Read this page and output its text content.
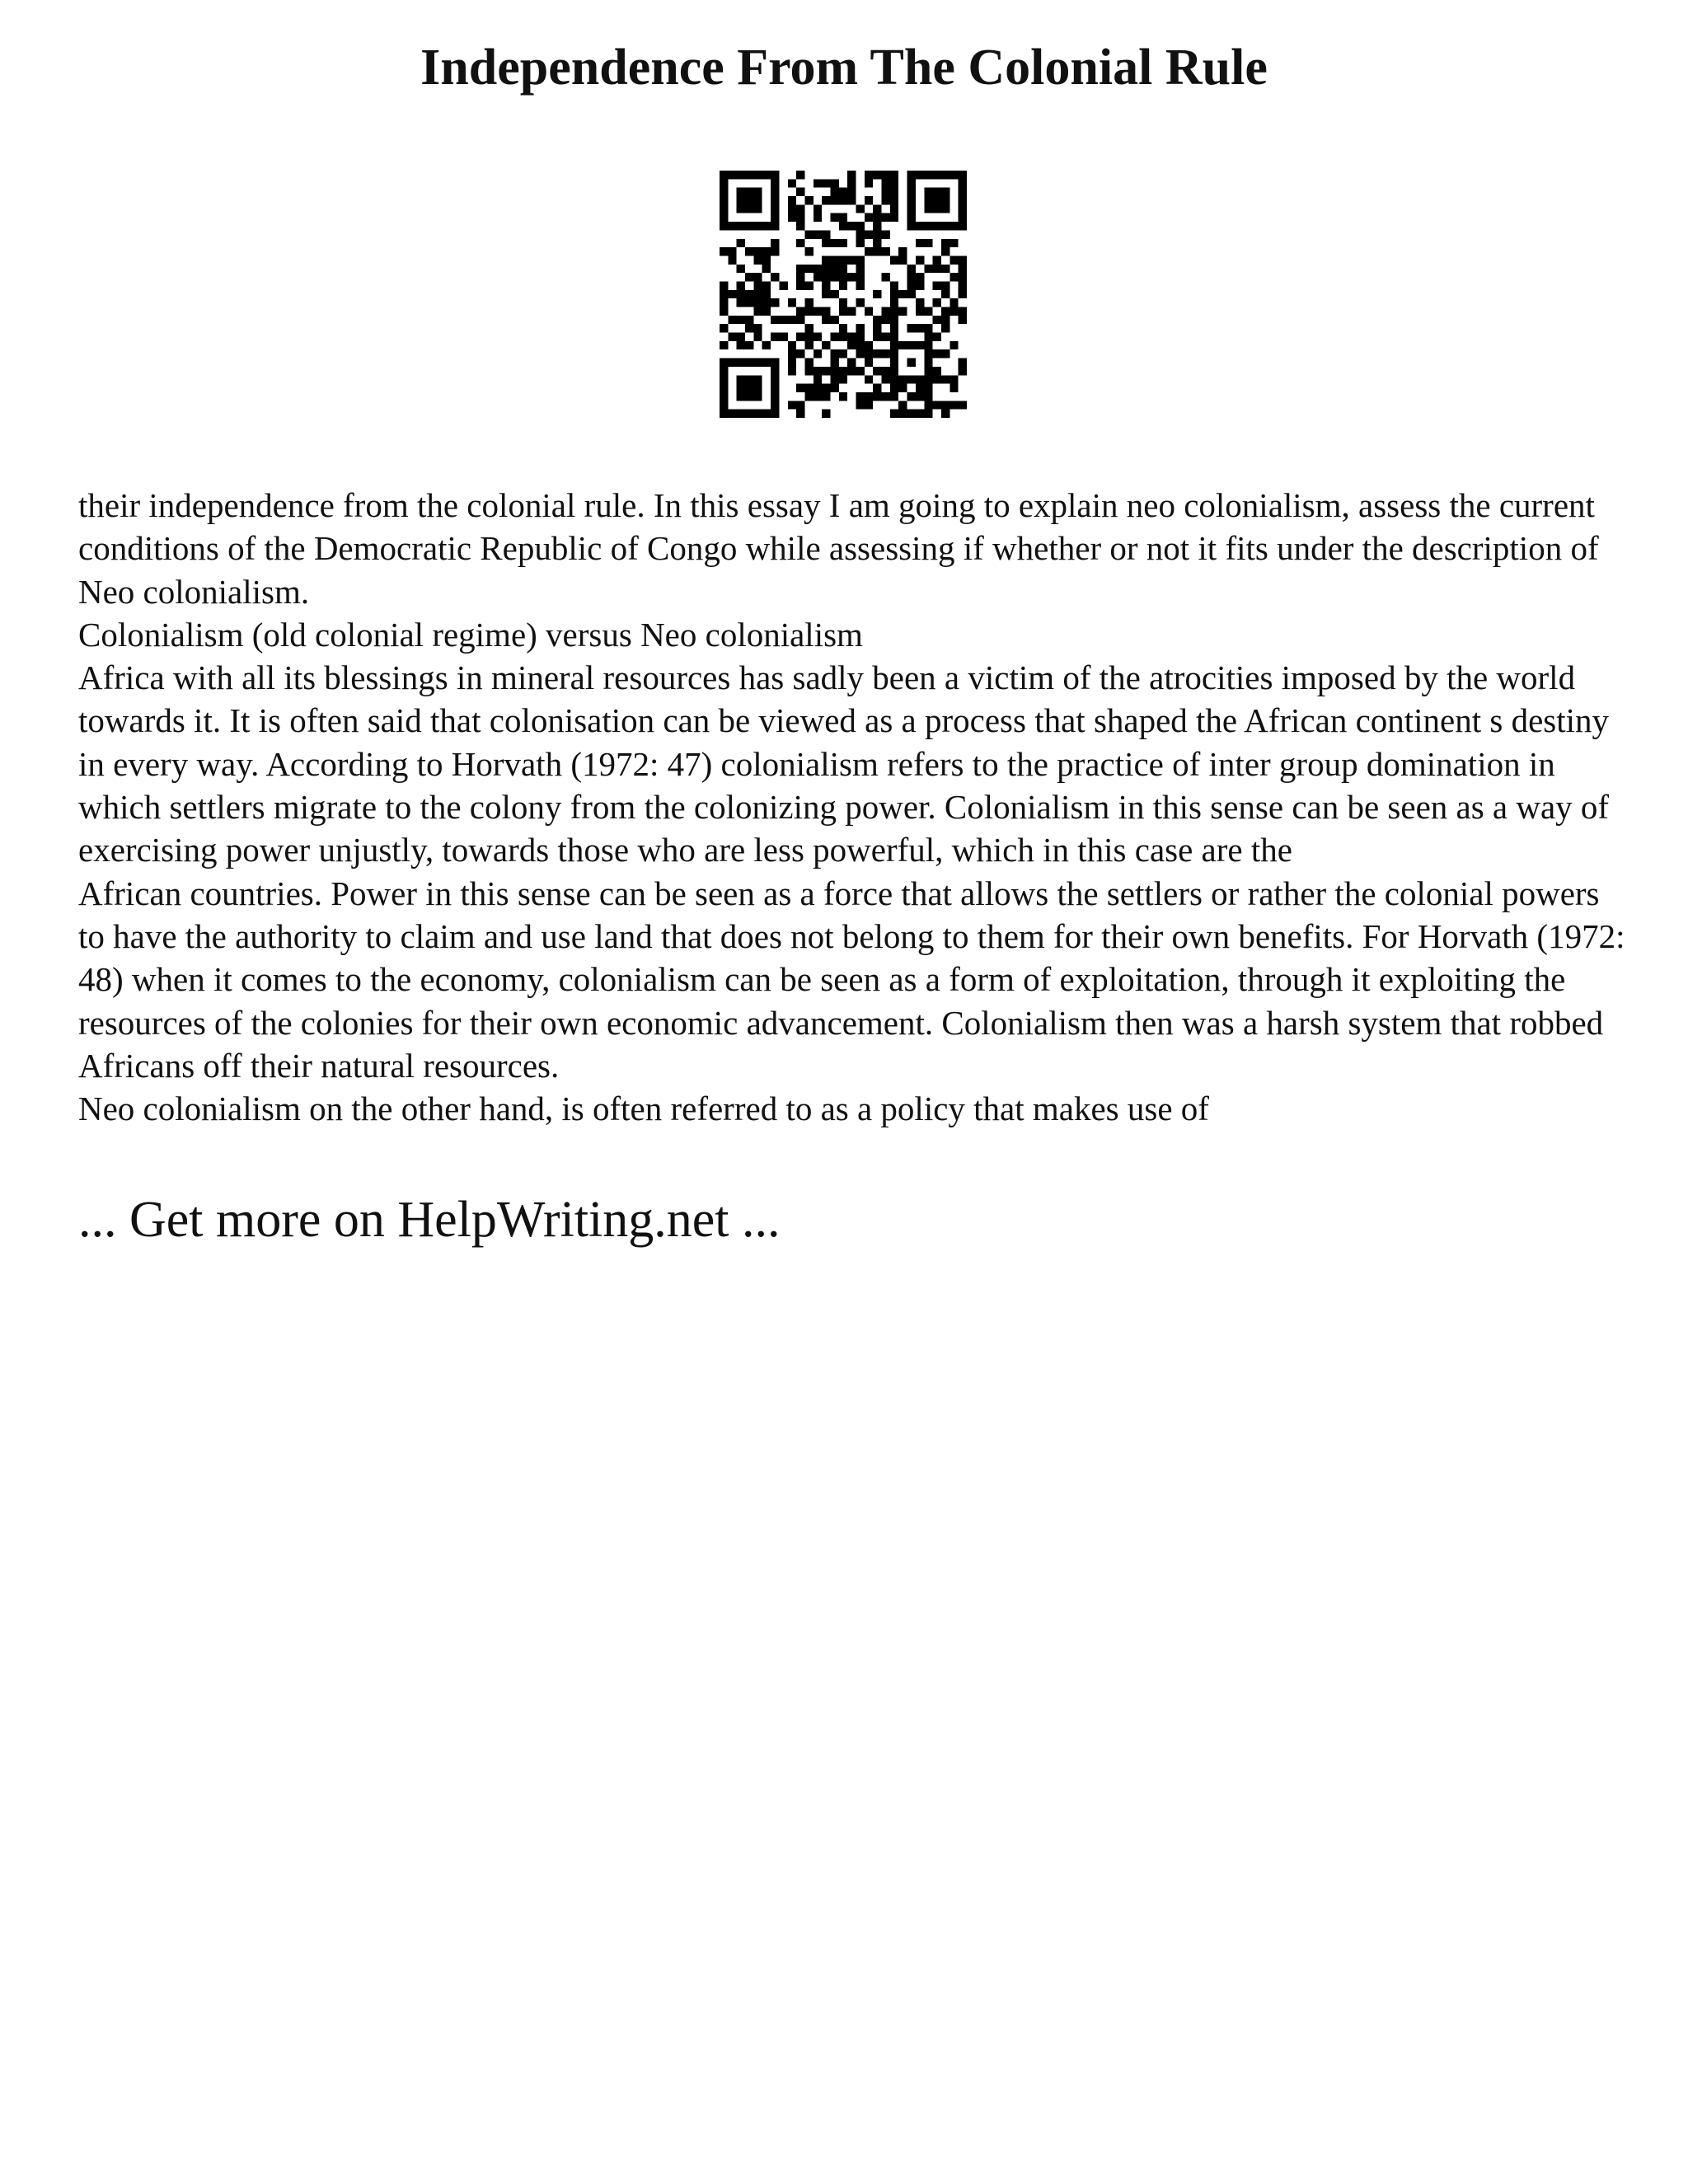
Independence From The Colonial Rule

their independence from the colonial rule. In this essay I am going to explain neo colonialism, assess the current conditions of the Democratic Republic of Congo while assessing if whether or not it fits under the description of Neo colonialism.

Colonialism (old colonial regime) versus Neo colonialism

Africa with all its blessings in mineral resources has sadly been a victim of the atrocities imposed by the world towards it. It is often said that colonisation can be viewed as a process that shaped the African continent s destiny in every way. According to Horvath (1972: 47) colonialism refers to the practice of inter group domination in which settlers migrate to the colony from the colonizing power. Colonialism in this sense can be seen as a way of exercising power unjustly, towards those who are less powerful, which in this case are the

African countries. Power in this sense can be seen as a force that allows the settlers or rather the colonial powers to have the authority to claim and use land that does not belong to them for their own benefits. For Horvath (1972: 48) when it comes to the economy, colonialism can be seen as a form of exploitation, through it exploiting the resources of the colonies for their own economic advancement. Colonialism then was a harsh system that robbed Africans off their natural resources.

Neo colonialism on the other hand, is often referred to as a policy that makes use of

... Get more on HelpWriting.net ...
